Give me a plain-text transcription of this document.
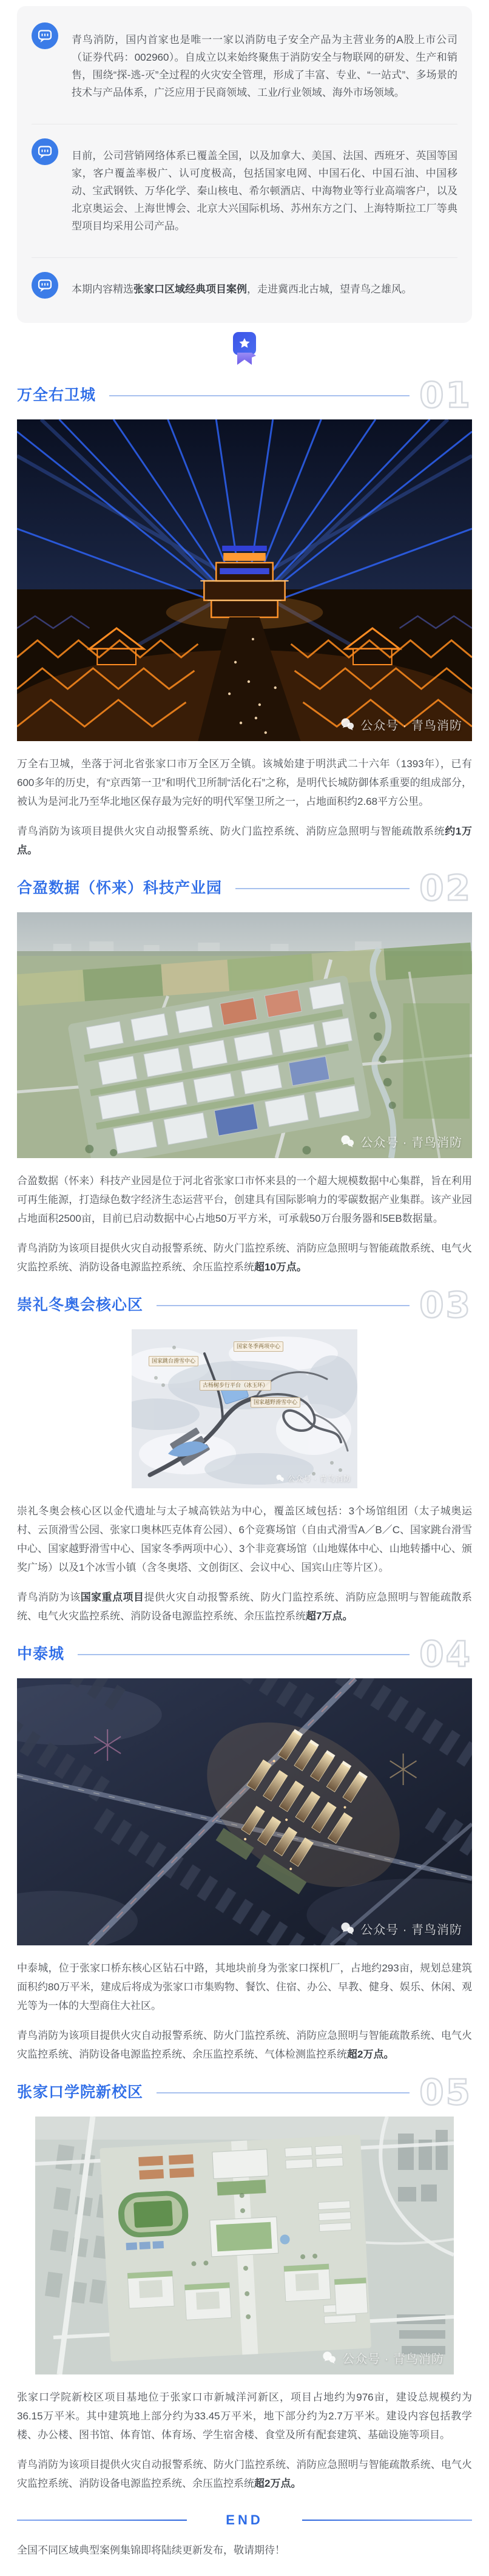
青鸟消防，国内首家也是唯一一家以消防电子安全产品为主营业务的A股上市公司（证券代码：002960）。自成立以来始终聚焦于消防安全与物联网的研发、生产和销售，围绕“探-逃-灭”全过程的火灾安全管理，形成了丰富、专业、“一站式”、多场景的技术与产品体系，广泛应用于民商领域、工业/行业领域、海外市场领域。

目前，公司营销网络体系已覆盖全国，以及加拿大、美国、法国、西班牙、英国等国家，客户覆盖率极广、认可度极高，包括国家电网、中国石化、中国石油、中国移动、宝武钢铁、万华化学、秦山核电、希尔顿酒店、中海物业等行业高端客户，以及北京奥运会、上海世博会、北京大兴国际机场、苏州东方之门、上海特斯拉工厂等典型项目均采用公司产品。

本期内容精选张家口区域经典项目案例，走进冀西北古城，望青鸟之雄风。

万全右卫城	01
公众号 · 青鸟消防

万全右卫城，坐落于河北省张家口市万全区万全镇。该城始建于明洪武二十六年（1393年），已有600多年的历史，有“京西第一卫”和明代卫所制“活化石”之称，是明代长城防御体系重要的组成部分，被认为是河北乃至华北地区保存最为完好的明代军堡卫所之一，占地面积约2.68平方公里。

青鸟消防为该项目提供火灾自动报警系统、防火门监控系统、消防应急照明与智能疏散系统约1万点。

合盈数据（怀来）科技产业园	02
公众号 · 青鸟消防

合盈数据（怀来）科技产业园是位于河北省张家口市怀来县的一个超大规模数据中心集群，旨在利用可再生能源，打造绿色数字经济生态运营平台，创建具有国际影响力的零碳数据产业集群。该产业园占地面积2500亩，目前已启动数据中心占地50万平方米，可承载50万台服务器和5EB数据量。

青鸟消防为该项目提供火灾自动报警系统、防火门监控系统、消防应急照明与智能疏散系统、电气火灾监控系统、消防设备电源监控系统、余压监控系统超10万点。

崇礼冬奥会核心区	03
国家跳台滑雪中心
国家冬季两项中心
古杨树步行平台（冰玉环）
国家越野滑雪中心
公众号 · 青鸟消防

崇礼冬奥会核心区以金代遗址与太子城高铁站为中心，覆盖区域包括：3个场馆组团（太子城奥运村、云顶滑雪公园、张家口奥林匹克体育公园）、6个竞赛场馆（自由式滑雪A／B／C、国家跳台滑雪中心、国家越野滑雪中心、国家冬季两项中心）、3个非竞赛场馆（山地媒体中心、山地转播中心、颁奖广场）以及1个冰雪小镇（含冬奥塔、文创街区、会议中心、国宾山庄等片区）。

青鸟消防为该国家重点项目提供火灾自动报警系统、防火门监控系统、消防应急照明与智能疏散系统、电气火灾监控系统、消防设备电源监控系统、余压监控系统超7万点。

中泰城	04
公众号 · 青鸟消防

中泰城，位于张家口桥东核心区钻石中路，其地块前身为张家口探机厂，占地约293亩，规划总建筑面积约80万平米，建成后将成为张家口市集购物、餐饮、住宿、办公、早教、健身、娱乐、休闲、观光等为一体的大型商住大社区。

青鸟消防为该项目提供火灾自动报警系统、防火门监控系统、消防应急照明与智能疏散系统、电气火灾监控系统、消防设备电源监控系统、余压监控系统、气体检测监控系统超2万点。

张家口学院新校区	05
公众号 · 青鸟消防

张家口学院新校区项目基地位于张家口市新城洋河新区，项目占地约为976亩，建设总规模约为36.15万平米。其中建筑地上部分约为33.45万平米，地下部分约为2.7万平米。建设内容包括教学楼、办公楼、图书馆、体育馆、体育场、学生宿舍楼、食堂及所有配套建筑、基础设施等项目。

青鸟消防为该项目提供火灾自动报警系统、防火门监控系统、消防应急照明与智能疏散系统、电气火灾监控系统、消防设备电源监控系统、余压监控系统超2万点。

END

全国不同区域典型案例集锦即将陆续更新发布，敬请期待！
